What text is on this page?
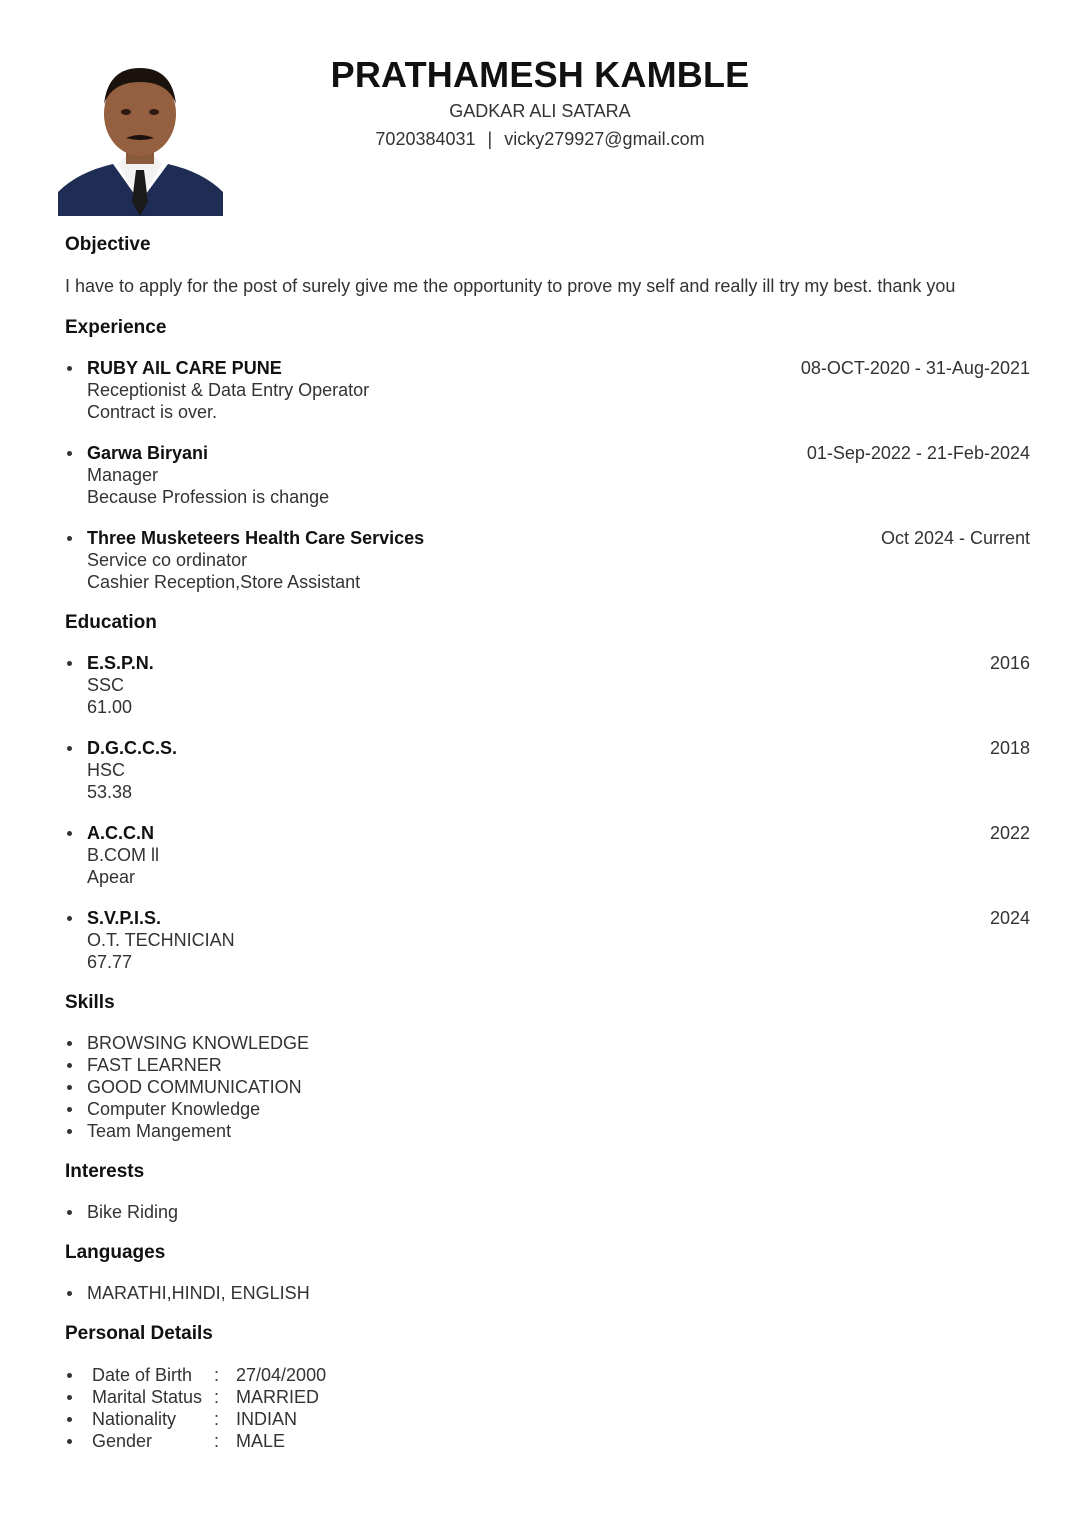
PRATHAMESH KAMBLE
GADKAR ALI SATARA
7020384031 | vicky279927@gmail.com
Objective
I have to apply for the post of surely give me the opportunity to prove my self and really ill try my best. thank you
Experience
RUBY AIL CARE PUNE	08-OCT-2020 - 31-Aug-2021
Receptionist & Data Entry Operator
Contract is over.
Garwa Biryani	01-Sep-2022 - 21-Feb-2024
Manager
Because Profession is change
Three Musketeers Health Care Services	Oct 2024 - Current
Service co ordinator
Cashier Reception,Store Assistant
Education
E.S.P.N.	2016
SSC
61.00
D.G.C.C.S.	2018
HSC
53.38
A.C.C.N	2022
B.COM ll
Apear
S.V.P.I.S.	2024
O.T. TECHNICIAN
67.77
Skills
BROWSING KNOWLEDGE
FAST LEARNER
GOOD COMMUNICATION
Computer Knowledge
Team Mangement
Interests
Bike Riding
Languages
MARATHI,HINDI, ENGLISH
Personal Details
Date of Birth	: 27/04/2000
Marital Status : MARRIED
Nationality	: INDIAN
Gender	: MALE
